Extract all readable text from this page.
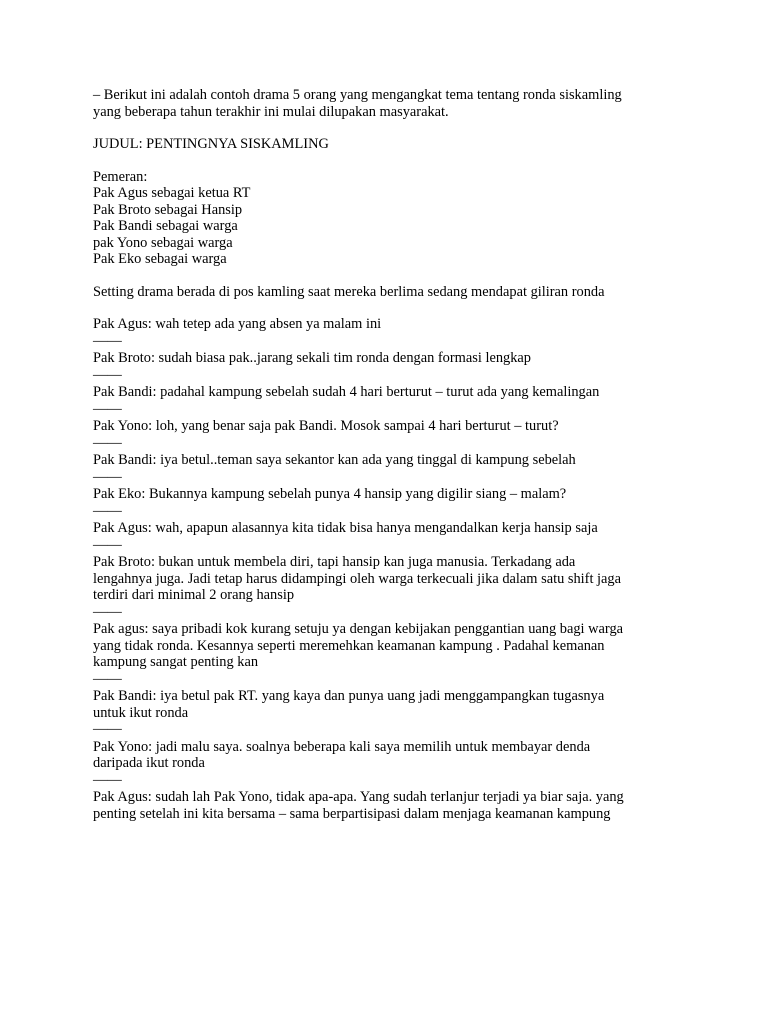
– Berikut ini adalah contoh drama 5 orang yang mengangkat tema tentang ronda siskamling
yang beberapa tahun terakhir ini mulai dilupakan masyarakat.

JUDUL: PENTINGNYA SISKAMLING

Pemeran:
Pak Agus sebagai ketua RT
Pak Broto sebagai Hansip
Pak Bandi sebagai warga
pak Yono sebagai warga
Pak Eko sebagai warga

Setting drama berada di pos kamling saat mereka berlima sedang mendapat giliran ronda

Pak Agus: wah tetep ada yang absen ya malam ini

——

Pak Broto: sudah biasa pak..jarang sekali tim ronda dengan formasi lengkap

——

Pak Bandi: padahal kampung sebelah sudah 4 hari berturut – turut ada yang kemalingan

——

Pak Yono: loh, yang benar saja pak Bandi. Mosok sampai 4 hari berturut – turut?

——

Pak Bandi: iya betul..teman saya sekantor kan ada yang tinggal di kampung sebelah

——

Pak Eko: Bukannya kampung sebelah punya 4 hansip yang digilir siang – malam?

——

Pak Agus: wah, apapun alasannya kita tidak bisa hanya mengandalkan kerja hansip saja

——

Pak Broto: bukan untuk membela diri, tapi hansip kan juga manusia. Terkadang ada
lengahnya juga. Jadi tetap harus didampingi oleh warga terkecuali jika dalam satu shift jaga
terdiri dari minimal 2 orang hansip

——

Pak agus: saya pribadi kok kurang setuju ya dengan kebijakan penggantian uang bagi warga
yang tidak ronda. Kesannya seperti meremehkan keamanan kampung . Padahal kemanan
kampung sangat penting kan

——

Pak Bandi: iya betul pak RT. yang kaya dan punya uang jadi menggampangkan tugasnya
untuk ikut ronda

——

Pak Yono: jadi malu saya. soalnya beberapa kali saya memilih untuk membayar denda
daripada ikut ronda

——

Pak Agus: sudah lah Pak Yono, tidak apa-apa. Yang sudah terlanjur terjadi ya biar saja. yang
penting setelah ini kita bersama – sama berpartisipasi dalam menjaga keamanan kampung
